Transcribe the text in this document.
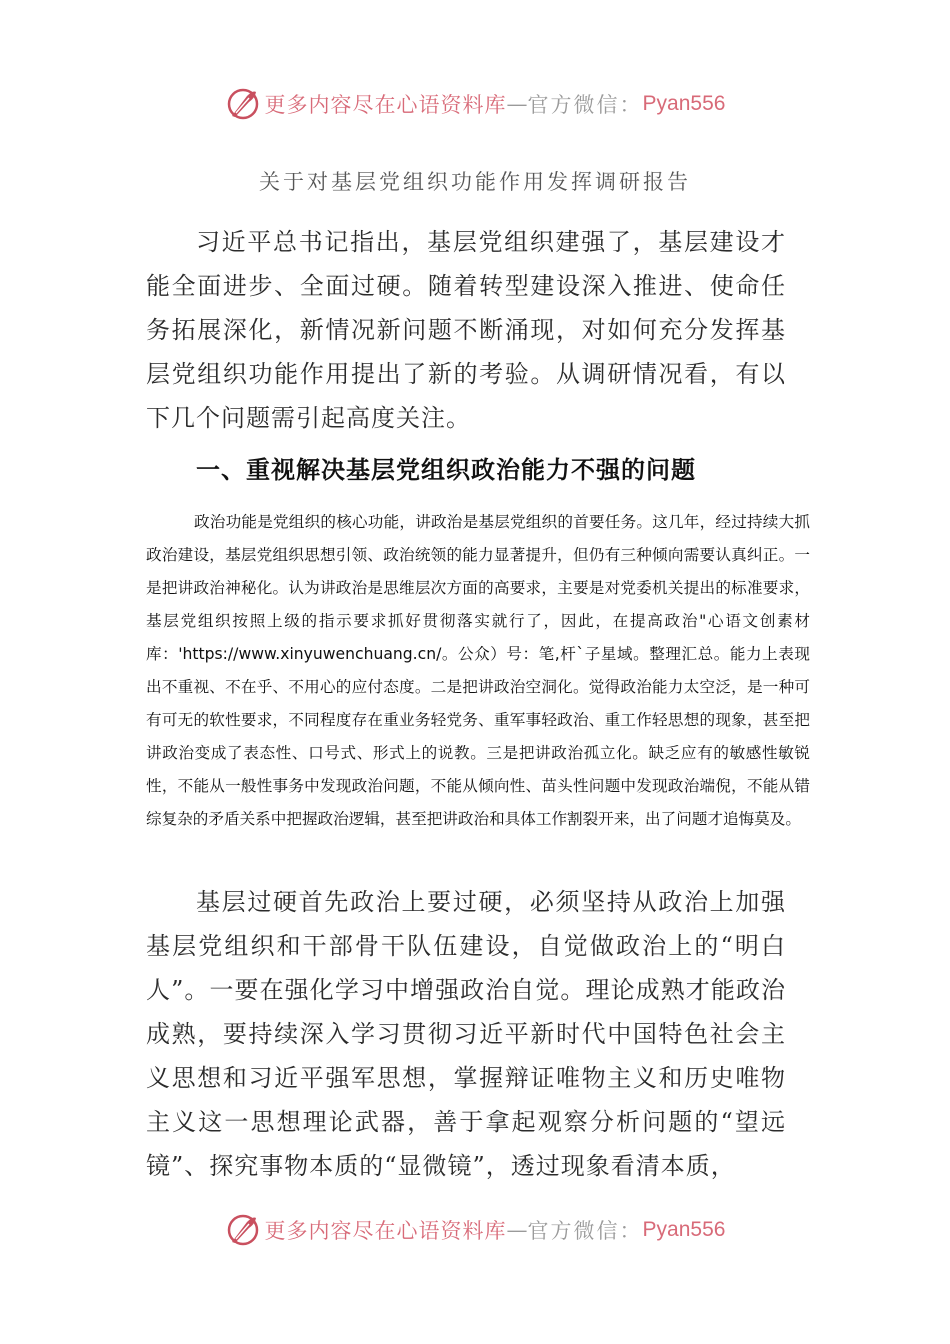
更多内容尽在心语资料库 — 官方微信： Pyan556
关于对基层党组织功能作用发挥调研报告

习近平总书记指出，基层党组织建强了，基层建设才能全面进步、全面过硬。随着转型建设深入推进、使命任务拓展深化，新情况新问题不断涌现，对如何充分发挥基层党组织功能作用提出了新的考验。从调研情况看，有以下几个问题需引起高度关注。

一、重视解决基层党组织政治能力不强的问题

政治功能是党组织的核心功能，讲政治是基层党组织的首要任务。这几年，经过持续大抓政治建设，基层党组织思想引领、政治统领的能力显著提升，但仍有三种倾向需要认真纠正。一是把讲政治神秘化。认为讲政治是思维层次方面的高要求，主要是对党委机关提出的标准要求，基层党组织按照上级的指示要求抓好贯彻落实就行了，因此，在提高政治"心语文创素材库：'https://www.xinyuwenchuang.cn/。公众）号：笔,杆`子星域。整理汇总。能力上表现出不重视、不在乎、不用心的应付态度。二是把讲政治空洞化。觉得政治能力太空泛，是一种可有可无的软性要求，不同程度存在重业务轻党务、重军事轻政治、重工作轻思想的现象，甚至把讲政治变成了表态性、口号式、形式上的说教。三是把讲政治孤立化。缺乏应有的敏感性敏锐性，不能从一般性事务中发现政治问题，不能从倾向性、苗头性问题中发现政治端倪，不能从错综复杂的矛盾关系中把握政治逻辑，甚至把讲政治和具体工作割裂开来，出了问题才追悔莫及。

基层过硬首先政治上要过硬，必须坚持从政治上加强基层党组织和干部骨干队伍建设，自觉做政治上的“明白人”。一要在强化学习中增强政治自觉。理论成熟才能政治成熟，要持续深入学习贯彻习近平新时代中国特色社会主义思想和习近平强军思想，掌握辩证唯物主义和历史唯物主义这一思想理论武器，善于拿起观察分析问题的“望远镜”、探究事物本质的“显微镜”，透过现象看清本质，

更多内容尽在心语资料库 — 官方微信： Pyan556
